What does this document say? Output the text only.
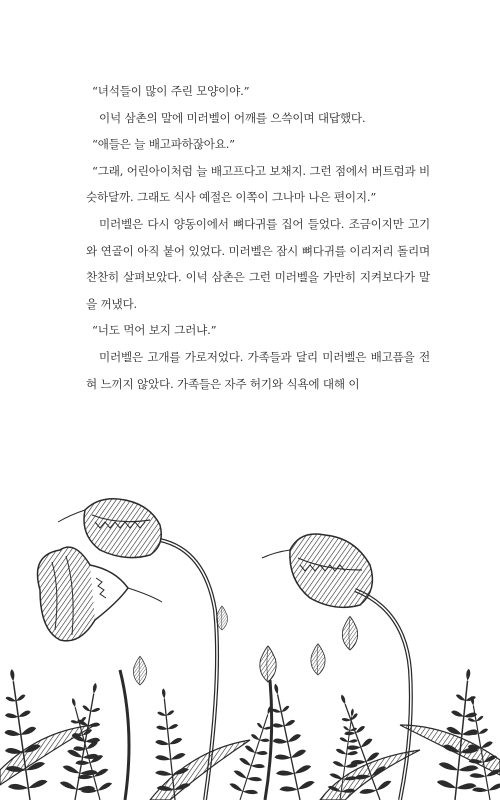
“녀석들이 많이 주린 모양이야.”

이넉 삼촌의 말에 미러벨이 어깨를 으쓱이며 대답했다.

“애들은 늘 배고파하잖아요.”

“그래, 어린아이처럼 늘 배고프다고 보채지. 그런 점에서 버트럼과 비슷하달까. 그래도 식사 예절은 이쪽이 그나마 나은 편이지.”

미러벨은 다시 양동이에서 뼈다귀를 집어 들었다. 조금이지만 고기와 연골이 아직 붙어 있었다. 미러벨은 잠시 뼈다귀를 이리저리 돌리며 찬찬히 살펴보았다. 이넉 삼촌은 그런 미러벨을 가만히 지켜보다가 말을 꺼냈다.

“너도 먹어 보지 그러냐.”

미러벨은 고개를 가로저었다. 가족들과 달리 미러벨은 배고픔을 전혀 느끼지 않았다. 가족들은 자주 허기와 식욕에 대해 이
